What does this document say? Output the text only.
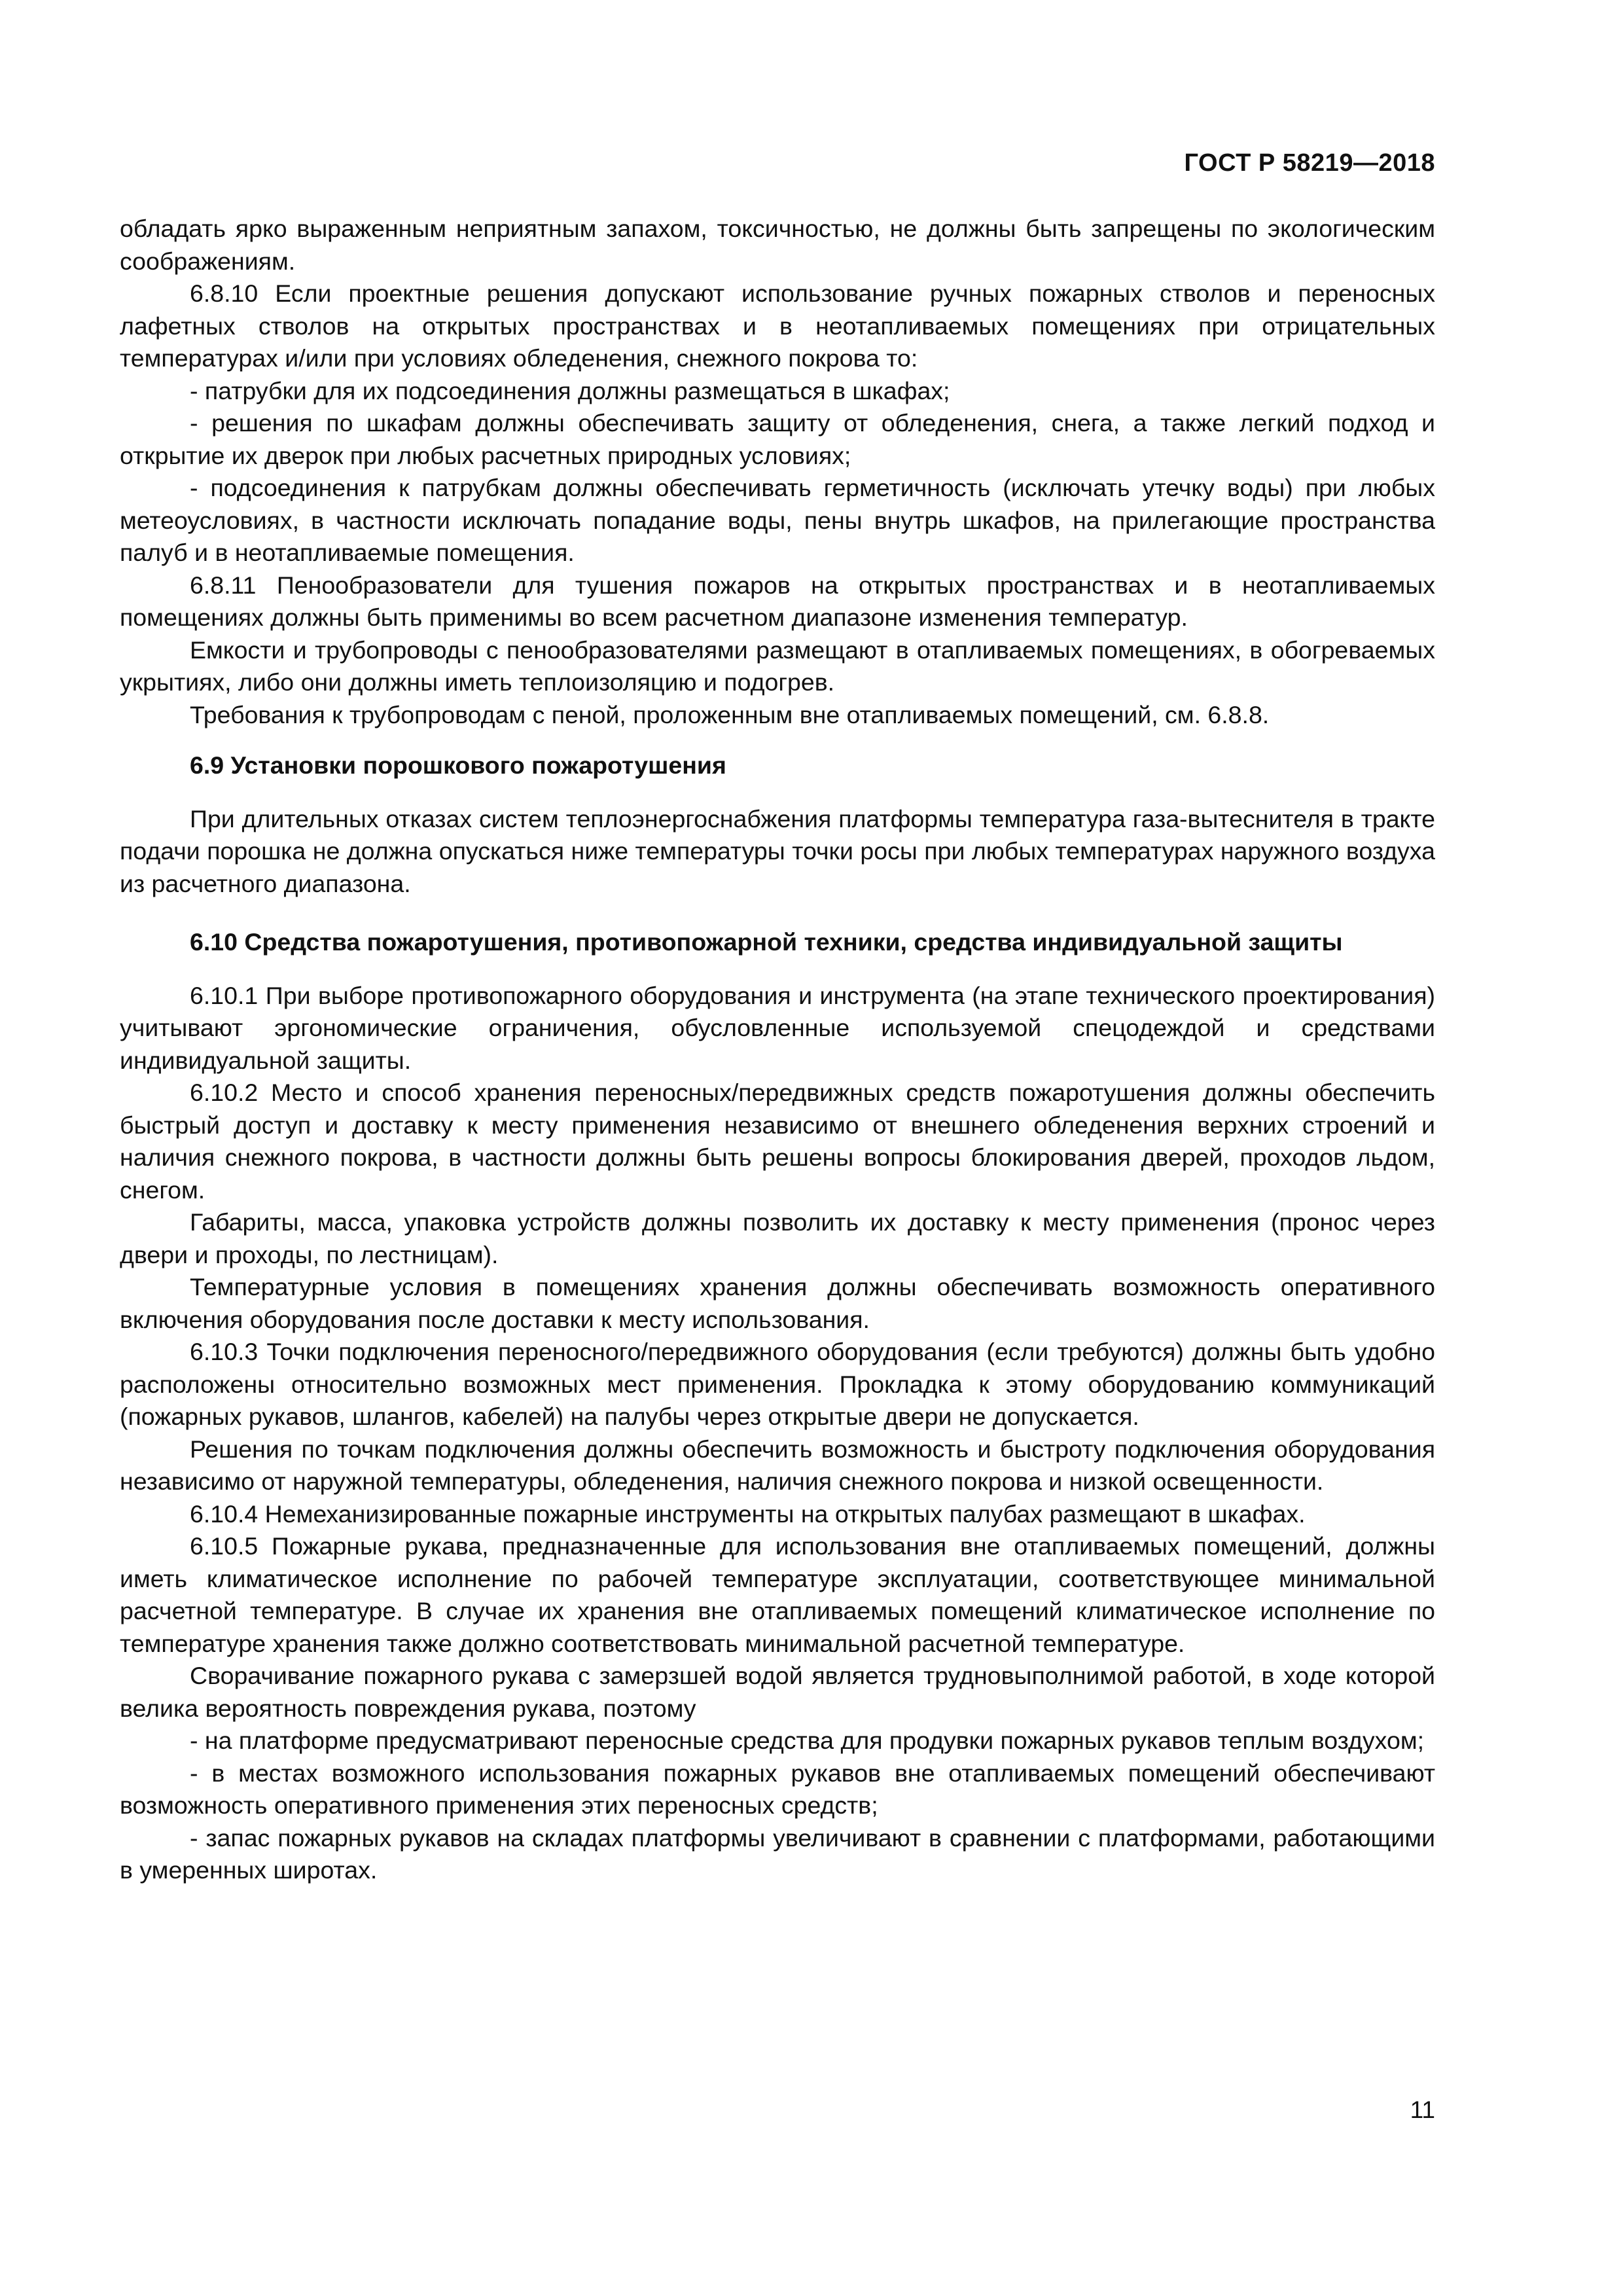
ГОСТ Р 58219—2018

обладать ярко выраженным неприятным запахом, токсичностью, не должны быть запрещены по экологическим соображениям.

6.8.10 Если проектные решения допускают использование ручных пожарных стволов и переносных лафетных стволов на открытых пространствах и в неотапливаемых помещениях при отрицательных температурах и/или при условиях обледенения, снежного покрова то:

- патрубки для их подсоединения должны размещаться в шкафах;

- решения по шкафам должны обеспечивать защиту от обледенения, снега, а также легкий подход и открытие их дверок при любых расчетных природных условиях;

- подсоединения к патрубкам должны обеспечивать герметичность (исключать утечку воды) при любых метеоусловиях, в частности исключать попадание воды, пены внутрь шкафов, на прилегающие пространства палуб и в неотапливаемые помещения.

6.8.11 Пенообразователи для тушения пожаров на открытых пространствах и в неотапливаемых помещениях должны быть применимы во всем расчетном диапазоне изменения температур.

Емкости и трубопроводы с пенообразователями размещают в отапливаемых помещениях, в обогреваемых укрытиях, либо они должны иметь теплоизоляцию и подогрев.

Требования к трубопроводам с пеной, проложенным вне отапливаемых помещений, см. 6.8.8.

6.9 Установки порошкового пожаротушения

При длительных отказах систем теплоэнергоснабжения платформы температура газа-вытеснителя в тракте подачи порошка не должна опускаться ниже температуры точки росы при любых температурах наружного воздуха из расчетного диапазона.

6.10 Средства пожаротушения, противопожарной техники, средства индивидуальной защиты

6.10.1 При выборе противопожарного оборудования и инструмента (на этапе технического проектирования) учитывают эргономические ограничения, обусловленные используемой спецодеждой и средствами индивидуальной защиты.

6.10.2 Место и способ хранения переносных/передвижных средств пожаротушения должны обеспечить быстрый доступ и доставку к месту применения независимо от внешнего обледенения верхних строений и наличия снежного покрова, в частности должны быть решены вопросы блокирования дверей, проходов льдом, снегом.

Габариты, масса, упаковка устройств должны позволить их доставку к месту применения (пронос через двери и проходы, по лестницам).

Температурные условия в помещениях хранения должны обеспечивать возможность оперативного включения оборудования после доставки к месту использования.

6.10.3 Точки подключения переносного/передвижного оборудования (если требуются) должны быть удобно расположены относительно возможных мест применения. Прокладка к этому оборудованию коммуникаций (пожарных рукавов, шлангов, кабелей) на палубы через открытые двери не допускается.

Решения по точкам подключения должны обеспечить возможность и быстроту подключения оборудования независимо от наружной температуры, обледенения, наличия снежного покрова и низкой освещенности.

6.10.4 Немеханизированные пожарные инструменты на открытых палубах размещают в шкафах.

6.10.5 Пожарные рукава, предназначенные для использования вне отапливаемых помещений, должны иметь климатическое исполнение по рабочей температуре эксплуатации, соответствующее минимальной расчетной температуре. В случае их хранения вне отапливаемых помещений климатическое исполнение по температуре хранения также должно соответствовать минимальной расчетной температуре.

Сворачивание пожарного рукава с замерзшей водой является трудновыполнимой работой, в ходе которой велика вероятность повреждения рукава, поэтому

- на платформе предусматривают переносные средства для продувки пожарных рукавов теплым воздухом;

- в местах возможного использования пожарных рукавов вне отапливаемых помещений обеспечивают возможность оперативного применения этих переносных средств;

- запас пожарных рукавов на складах платформы увеличивают в сравнении с платформами, работающими в умеренных широтах.

11
